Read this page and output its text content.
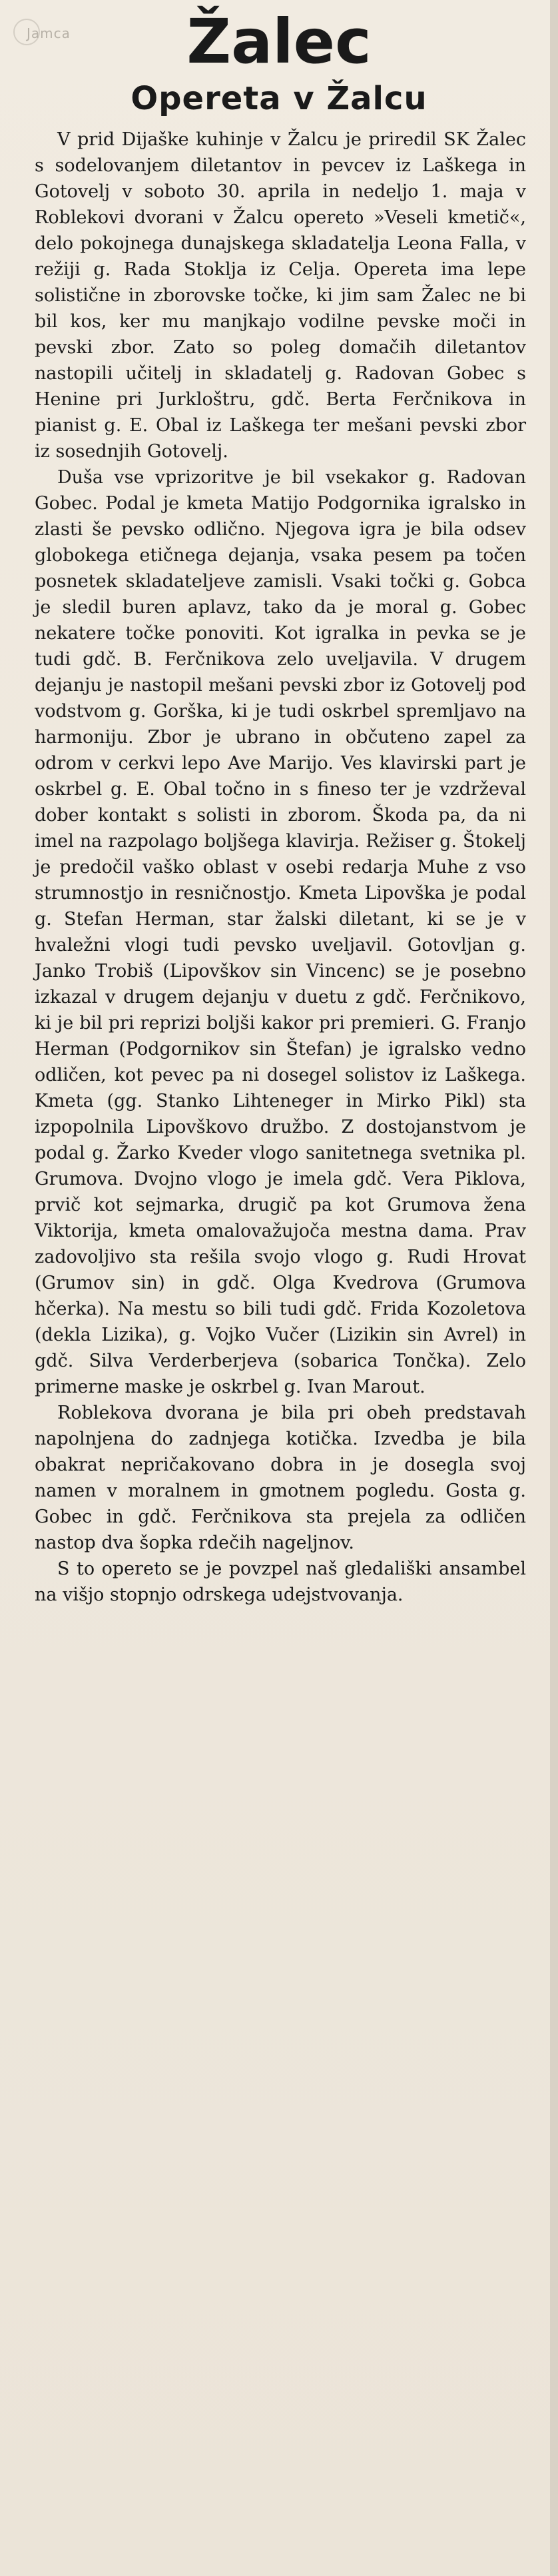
Jamca	Žalec
Opereta v Žalcu

V prid Dijaške kuhinje v Žalcu je priredil SK Žalec s sodelovanjem diletantov in pevcev iz Laškega in Gotovelj v soboto 30. aprila in nedeljo 1. maja v Roblekovi dvorani v Žalcu opereto »Veseli kmetič«, delo pokojnega dunajskega skladatelja Leona Falla, v režiji g. Rada Stoklja iz Celja. Opereta ima lepe solistične in zborovske točke, ki jim sam Žalec ne bi bil kos, ker mu manjkajo vodilne pevske moči in pevski zbor. Zato so poleg domačih diletantov nastopili učitelj in skladatelj g. Radovan Gobec s Henine pri Jurkloštru, gdč. Berta Ferčnikova in pianist g. E. Obal iz Laškega ter mešani pevski zbor iz sosednjih Gotovelj.

Duša vse vprizoritve je bil vsekakor g. Radovan Gobec. Podal je kmeta Matijo Podgornika igralsko in zlasti še pevsko odlično. Njegova igra je bila odsev globokega etičnega dejanja, vsaka pesem pa točen posnetek skladateljeve zamisli. Vsaki točki g. Gobca je sledil buren aplavz, tako da je moral g. Gobec nekatere točke ponoviti. Kot igralka in pevka se je tudi gdč. B. Ferčnikova zelo uveljavila. V drugem dejanju je nastopil mešani pevski zbor iz Gotovelj pod vodstvom g. Gorška, ki je tudi oskrbel spremljavo na harmoniju. Zbor je ubrano in občuteno zapel za odrom v cerkvi lepo Ave Marijo. Ves klavirski part je oskrbel g. E. Obal točno in s fineso ter je vzdrževal dober kontakt s solisti in zborom. Škoda pa, da ni imel na razpolago boljšega klavirja. Režiser g. Štokelj je predočil vaško oblast v osebi redarja Muhe z vso strumnostjo in resničnostjo. Kmeta Lipovška je podal g. Stefan Herman, star žalski diletant, ki se je v hvaležni vlogi tudi pevsko uveljavil. Gotovljan g. Janko Trobiš (Lipovškov sin Vincenc) se je posebno izkazal v drugem dejanju v duetu z gdč. Ferčnikovo, ki je bil pri reprizi boljši kakor pri premieri. G. Franjo Herman (Podgornikov sin Štefan) je igralsko vedno odličen, kot pevec pa ni dosegel solistov iz Laškega. Kmeta (gg. Stanko Lihteneger in Mirko Pikl) sta izpopolnila Lipovškovo družbo. Z dostojanstvom je podal g. Žarko Kveder vlogo sanitetnega svetnika pl. Grumova. Dvojno vlogo je imela gdč. Vera Piklova, prvič kot sejmarka, drugič pa kot Grumova žena Viktorija, kmeta omalovažujoča mestna dama. Prav zadovoljivo sta rešila svojo vlogo g. Rudi Hrovat (Grumov sin) in gdč. Olga Kvedrova (Grumova hčerka). Na mestu so bili tudi gdč. Frida Kozoletova (dekla Lizika), g. Vojko Vučer (Lizikin sin Avrel) in gdč. Silva Verderberjeva (sobarica Tončka). Zelo primerne maske je oskrbel g. Ivan Marout.

Roblekova dvorana je bila pri obeh predstavah napolnjena do zadnjega kotička. Izvedba je bila obakrat nepričakovano dobra in je dosegla svoj namen v moralnem in gmotnem pogledu. Gosta g. Gobec in gdč. Ferčnikova sta prejela za odličen nastop dva šopka rdečih nageljnov.

S to opereto se je povzpel naš gledališki ansambel na višjo stopnjo odrskega udejstvovanja.
